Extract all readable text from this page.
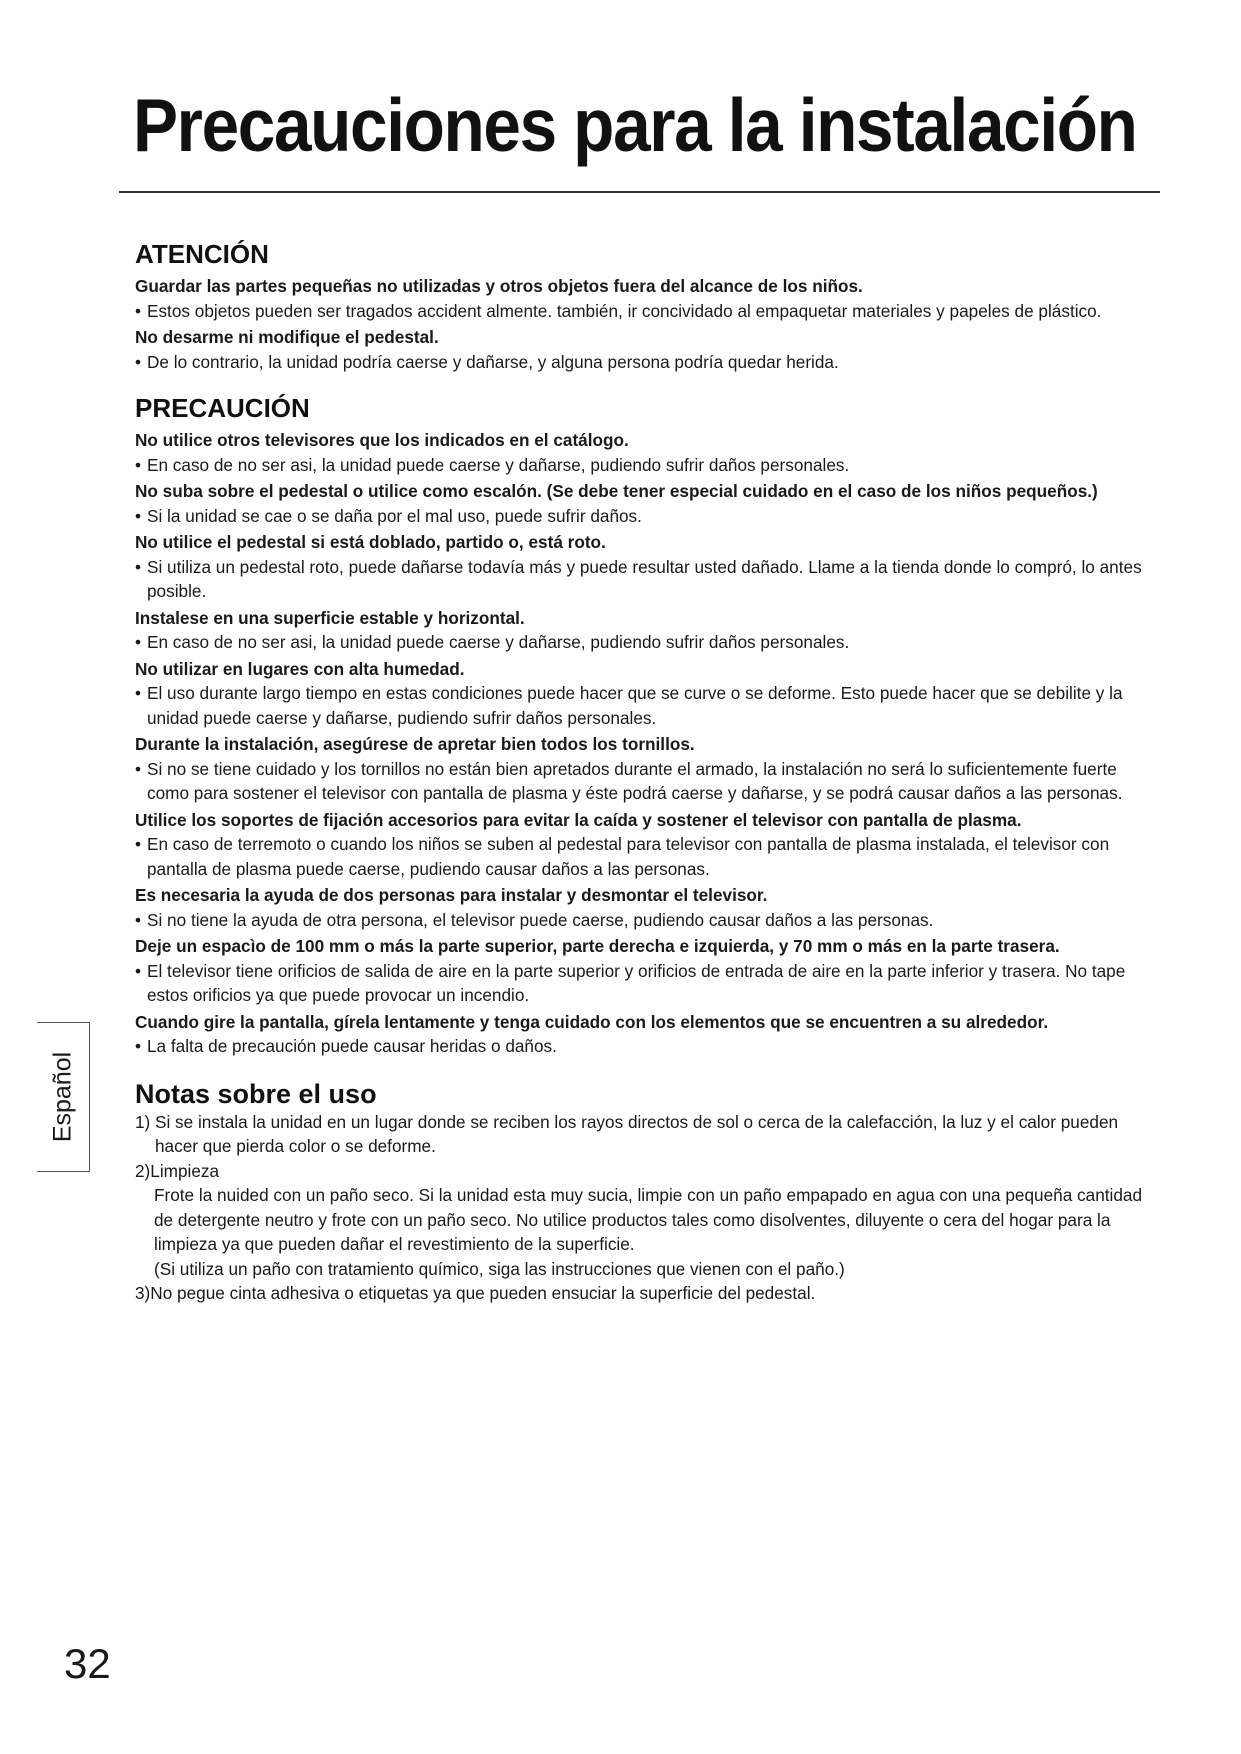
Precauciones para la instalación
ATENCIÓN

Guardar las partes pequeñas no utilizadas y otros objetos fuera del alcance de los niños.

• Estos objetos pueden ser tragados accident almente. también, ir concividado al empaquetar materiales y papeles de plástico.

No desarme ni modifique el pedestal.

• De lo contrario, la unidad podría caerse y dañarse, y alguna persona podría quedar herida.

PRECAUCIÓN

No utilice otros televisores que los indicados en el catálogo.

• En caso de no ser asi, la unidad puede caerse y dañarse, pudiendo sufrir daños personales.

No suba sobre el pedestal o utilice como escalón. (Se debe tener especial cuidado en el caso de los niños pequeños.)

• Si la unidad se cae o se daña por el mal uso, puede sufrir daños.

No utilice el pedestal si está doblado, partido o, está roto.

• Si utiliza un pedestal roto, puede dañarse todavía más y puede resultar usted dañado. Llame a la tienda donde lo compró, lo antes posible.

Instalese en una superficie estable y horizontal.

• En caso de no ser asi, la unidad puede caerse y dañarse, pudiendo sufrir daños personales.

No utilizar en lugares con alta humedad.

• El uso durante largo tiempo en estas condiciones puede hacer que se curve o se deforme. Esto puede hacer que se debilite y la unidad puede caerse y dañarse, pudiendo sufrir daños personales.

Durante la instalación, asegúrese de apretar bien todos los tornillos.

• Si no se tiene cuidado y los tornillos no están bien apretados durante el armado, la instalación no será lo suficientemente fuerte como para sostener el televisor con pantalla de plasma y éste podrá caerse y dañarse, y se podrá causar daños a las personas.

Utilice los soportes de fijación accesorios para evitar la caída y sostener el televisor con pantalla de plasma.

• En caso de terremoto o cuando los niños se suben al pedestal para televisor con pantalla de plasma instalada, el televisor con pantalla de plasma puede caerse, pudiendo causar daños a las personas.

Es necesaria la ayuda de dos personas para instalar y desmontar el televisor.

• Si no tiene la ayuda de otra persona, el televisor puede caerse, pudiendo causar daños a las personas.

Deje un espacìo de 100 mm o más la parte superior, parte derecha e izquierda, y 70 mm o más en la parte trasera.

• El televisor tiene orificios de salida de aire en la parte superior y orificios de entrada de aire en la parte inferior y trasera. No tape estos orificios ya que puede provocar un incendio.

Cuando gire la pantalla, gírela lentamente y tenga cuidado con los elementos que se encuentren a su alrededor.

• La falta de precaución puede causar heridas o daños.

Notas sobre el uso

1) Si se instala la unidad en un lugar donde se reciben los rayos directos de sol o cerca de la calefacción, la luz y el calor pueden hacer que pierda color o se deforme.

2)Limpieza

Frote la nuided con un paño seco. Si la unidad esta muy sucia, limpie con un paño empapado en agua con una pequeña cantidad de detergente neutro y frote con un paño seco. No utilice productos tales como disolventes, diluyente o cera del hogar para la limpieza ya que pueden dañar el revestimiento de la superficie.

(Si utiliza un paño con tratamiento químico, siga las instrucciones que vienen con el paño.)

3)No pegue cinta adhesiva o etiquetas ya que pueden ensuciar la superficie del pedestal.

Español
32
